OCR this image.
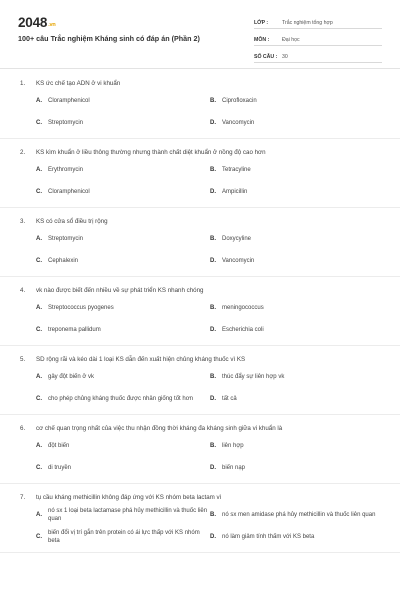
2048.vn
100+ câu Trắc nghiệm Kháng sinh có đáp án (Phần 2)
LỚP :	Trắc nghiệm tổng hợp
MÔN :	Đại học
SỐ CÂU : 30
1.	KS ức chế tạo ADN ở vi khuẩn
A.	Cloramphenicol	B.	Ciprofloxacin
C.	Streptomycin	D.	Vancomycin
2.	KS kìm khuẩn ở liều thông thường nhưng thành chất diệt khuẩn ở nồng độ cao hơn
A.	Erythromycin	B.	Tetracyline
C.	Cloramphenicol	D.	Ampicillin
3.	KS có cửa sổ điều trị rộng
A.	Streptomycin	B.	Doxycyline
C.	Cephalexin	D.	Vancomycin
4.	vk nào được biết đến nhiều về sự phát triển KS nhanh chóng
A.	Streptococcus pyogenes	B.	meningococcus
C.	treponema pallidum	D.	Escherichia coli
5.	SD rộng rãi và kéo dài 1 loại KS dẫn đến xuất hiện chủng kháng thuốc vì KS
A.	gây đột biến ở vk	B.	thúc đẩy sự liên hợp vk
C.	cho phép chủng kháng thuốc được nhân giống tốt hơn	D.	tất cả
6.	cơ chế quan trọng nhất của việc thu nhận đồng thời kháng đa kháng sinh giữa vi khuẩn là
A.	đột biến	B.	liên hợp
C.	di truyền	D.	biến nạp
7.	tụ cầu kháng methicillin không đáp ứng với KS nhóm beta lactam vì
A.
nó sx 1 loại beta lactamase phá hủy methicillin và thuốc liên quan
B.	nó sx men amidase phá hủy methicillin và thuốc liên quan
C.
biến đổi vị trí gắn trên protein có ái lực thấp với KS nhóm beta
D.	nó làm giảm tính thấm với KS beta
